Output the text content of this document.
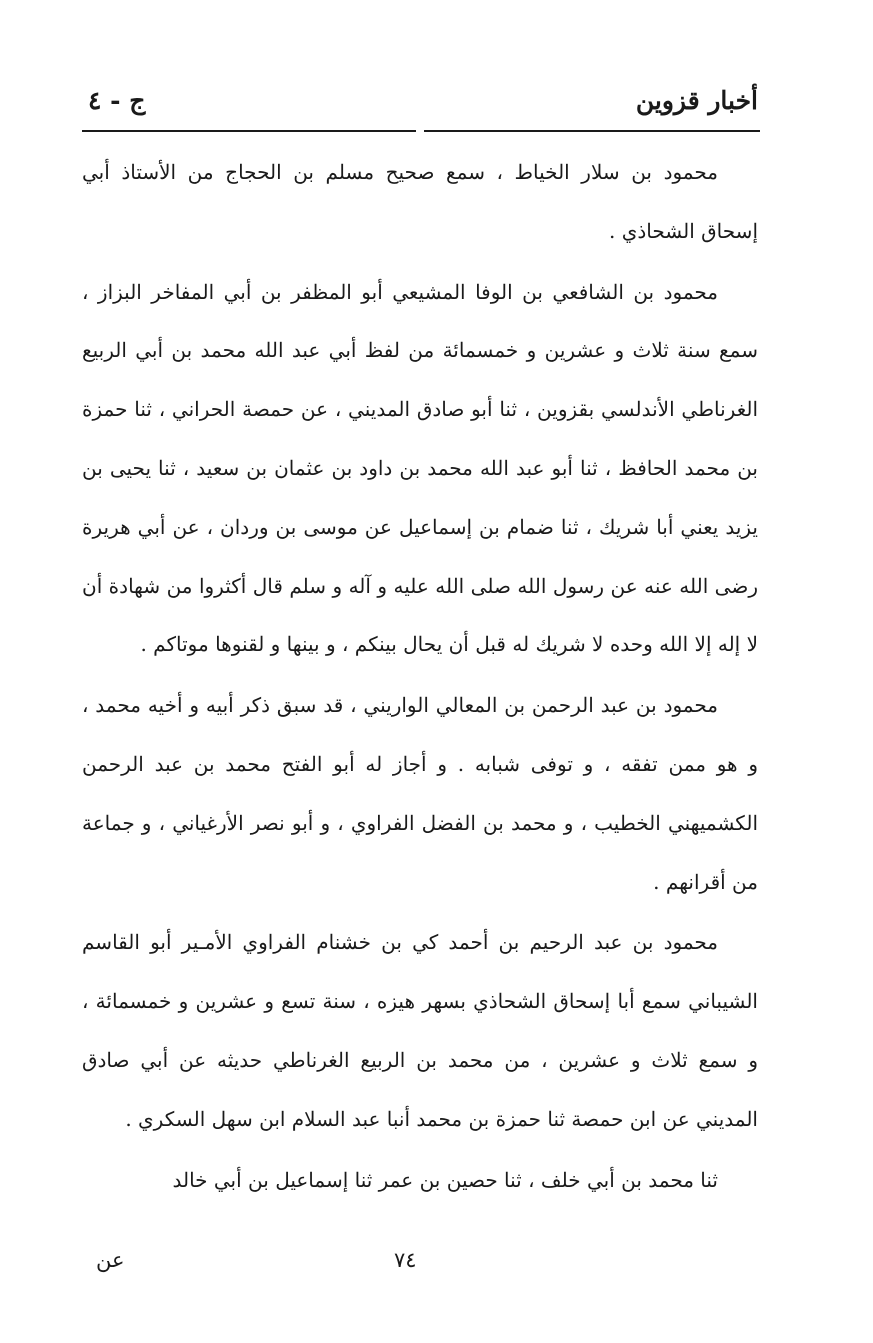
أخبار قزوين
ج - ٤

محمود بن سلار الخياط ، سمع صحيح مسلم بن الحجاج من الأستاذ أبي إسحاق الشحاذي .

محمود بن الشافعي بن الوفا المشيعي أبو المظفر بن أبي المفاخر البزاز ، سمع سنة ثلاث و عشرين و خمسمائة من لفظ أبي عبد الله محمد بن أبي الربيع الغرناطي الأندلسي بقزوين ، ثنا أبو صادق المديني ، عن حمصة الحراني ، ثنا حمزة بن محمد الحافظ ، ثنا أبو عبد الله محمد بن داود بن عثمان بن سعيد ، ثنا يحيى بن يزيد يعني أبا شريك ، ثنا ضمام بن إسماعيل عن موسى بن وردان ، عن أبي هريرة رضى الله عنه عن رسول الله صلى الله عليه و آله و سلم قال أكثروا من شهادة أن لا إله إلا الله وحده لا شريك له قبل أن يحال بينكم ، و بينها و لقنوها موتاكم .

محمود بن عبد الرحمن بن المعالي الواريني ، قد سبق ذكر أبيه و أخيه محمد ، و هو ممن تفقه ، و توفى شبابه . و أجاز له أبو الفتح محمد بن عبد الرحمن الكشميهني الخطيب ، و محمد بن الفضل الفراوي ، و أبو نصر الأرغياني ، و جماعة من أقرانهم .

محمود بن عبد الرحيم بن أحمد كي بن خشنام الفراوي الأمـير أبو القاسم الشيباني سمع أبا إسحاق الشحاذي بسهر هيزه ، سنة تسع و عشرين و خمسمائة ، و سمع ثلاث و عشرين ، من محمد بن الربيع الغرناطي حديثه عن أبي صادق المديني عن ابن حمصة ثنا حمزة بن محمد أنبا عبد السلام ابن سهل السكري .

ثنا محمد بن أبي خلف ، ثنا حصين بن عمر ثنا إسماعيل بن أبي خالد

٧٤
عن
